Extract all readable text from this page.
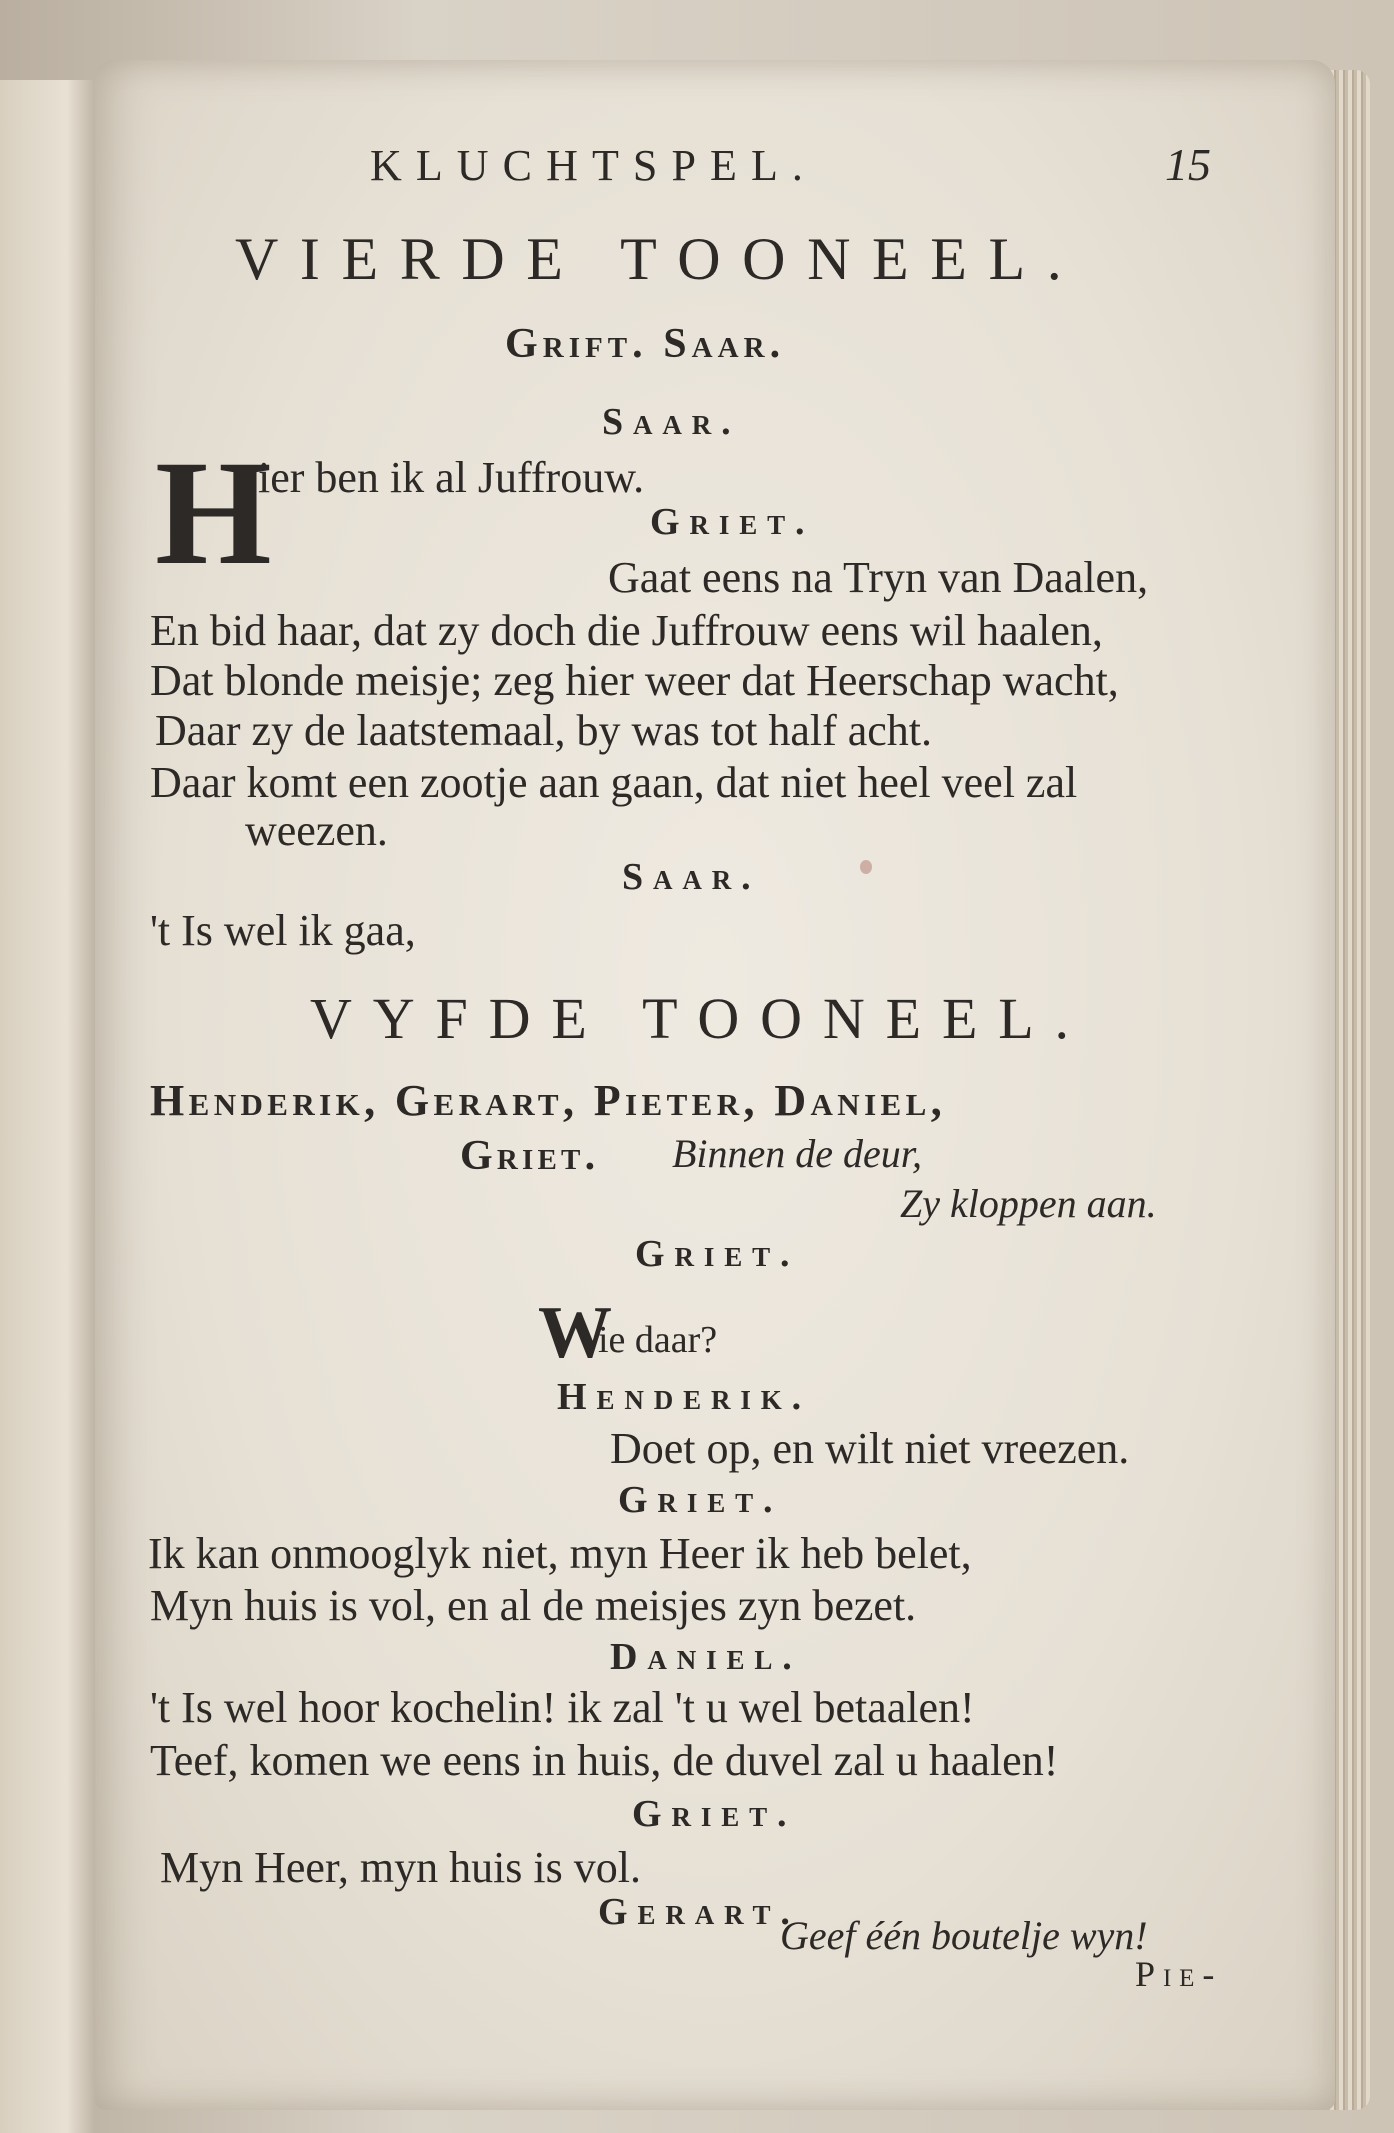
KLUCHTSPEL.	15
VIERDE TOONEEL.
Grift. Saar.
Saar.
H
ier ben ik al Juffrouw.
Griet.
Gaat eens na Tryn van Daalen,
En bid haar, dat zy doch die Juffrouw eens wil haalen,
Dat blonde meisje; zeg hier weer dat Heerschap wacht,
Daar zy de laatstemaal, by was tot half acht.
Daar komt een zootje aan gaan, dat niet heel veel zal
weezen.
Saar.
't Is wel ik gaa,
VYFDE TOONEEL.
Henderik, Gerart, Pieter, Daniel,
Griet. Binnen de deur,
Zy kloppen aan.
Griet.
W
ie daar?
Henderik.
Doet op, en wilt niet vreezen.
Griet.
Ik kan onmooglyk niet, myn Heer ik heb belet,
Myn huis is vol, en al de meisjes zyn bezet.
Daniel.
't Is wel hoor kochelin! ik zal 't u wel betaalen!
Teef, komen we eens in huis, de duvel zal u haalen!
Griet.
Myn Heer, myn huis is vol.
Gerart.
Geef één boutelje wyn!
Pie-
